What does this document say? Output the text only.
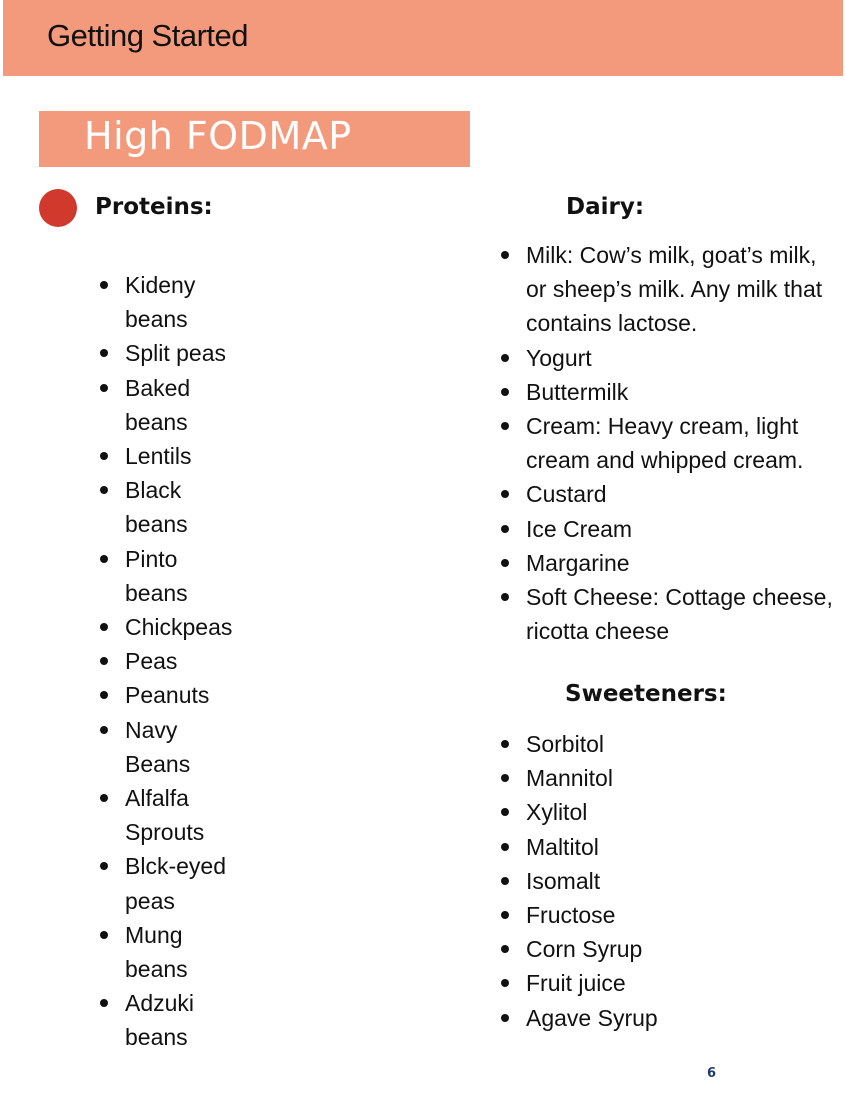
Getting Started
High FODMAP
Proteins:
Kideny beans
Split peas
Baked beans
Lentils
Black beans
Pinto beans
Chickpeas
Peas
Peanuts
Navy Beans
Alfalfa Sprouts
Blck-eyed peas
Mung beans
Adzuki beans
Dairy:
Milk: Cow’s milk, goat’s milk, or sheep’s milk. Any milk that contains lactose.
Yogurt
Buttermilk
Cream: Heavy cream, light cream and whipped cream.
Custard
Ice Cream
Margarine
Soft Cheese: Cottage cheese, ricotta cheese
Sweeteners:
Sorbitol
Mannitol
Xylitol
Maltitol
Isomalt
Fructose
Corn Syrup
Fruit juice
Agave Syrup
6
